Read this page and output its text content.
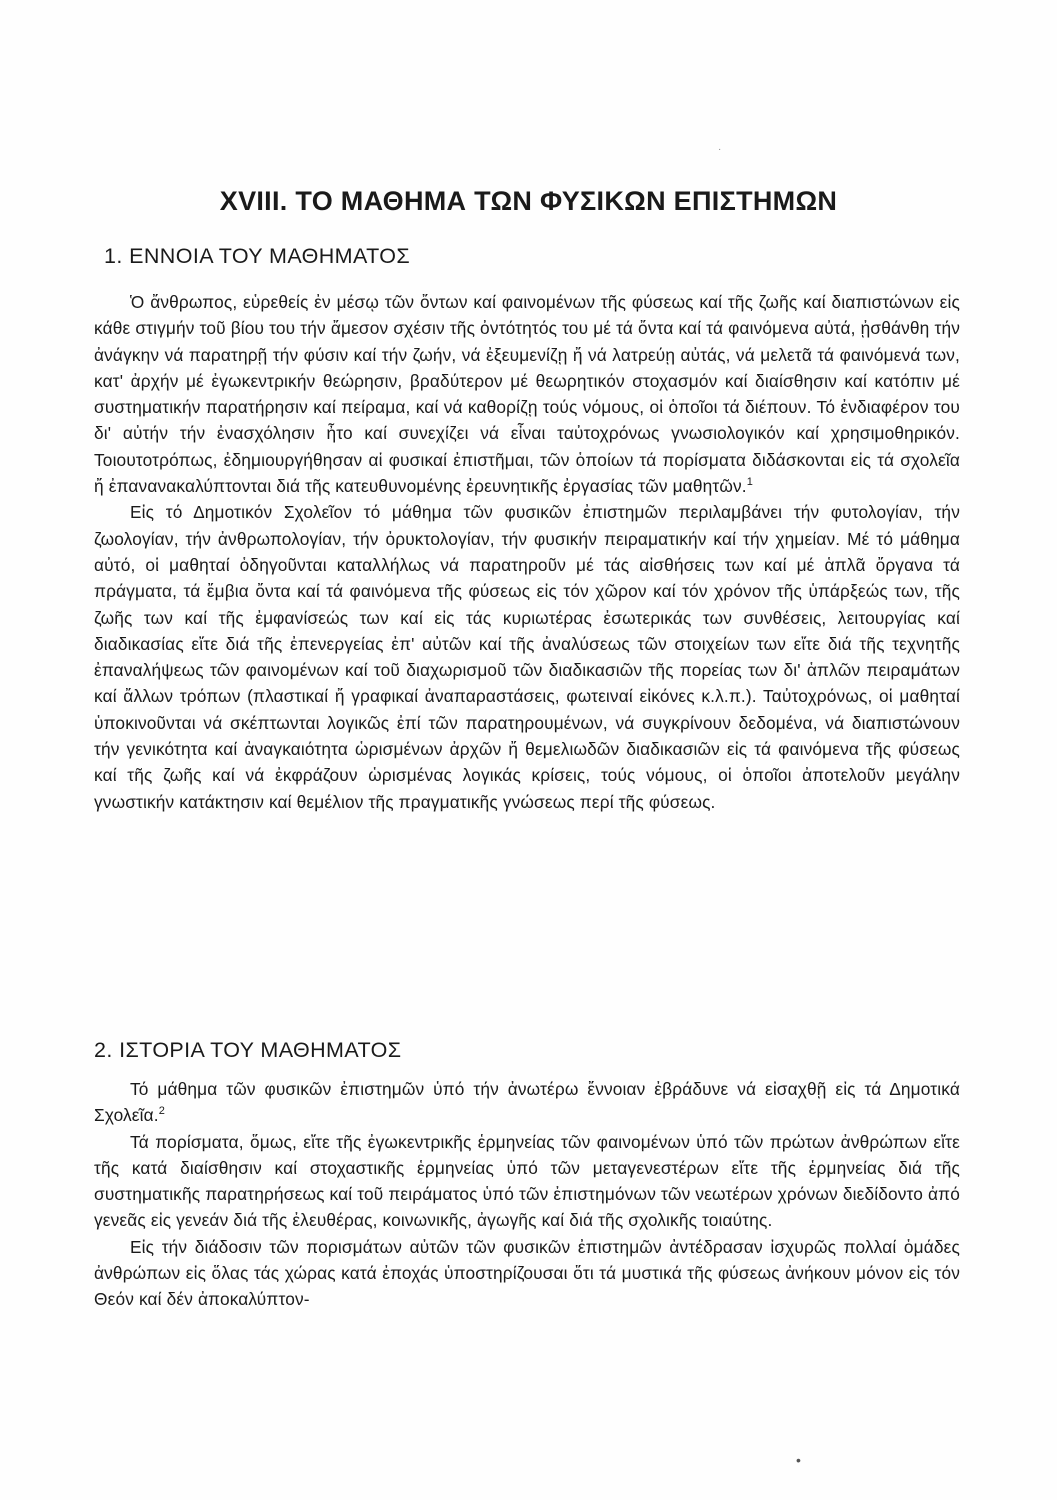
·
XVIII. ΤΟ ΜΑΘΗΜΑ ΤΩΝ ΦΥΣΙΚΩΝ ΕΠΙΣΤΗΜΩΝ
1. ΕΝΝΟΙΑ ΤΟΥ ΜΑΘΗΜΑΤΟΣ

Ὁ ἄνθρωπος, εὑρεθείς ἐν μέσῳ τῶν ὄντων καί φαινομένων τῆς φύσεως καί τῆς ζωῆς καί διαπιστώνων εἰς κάθε στιγμήν τοῦ βίου του τήν ἄμεσον σχέσιν τῆς ὀντότητός του μέ τά ὄντα καί τά φαινόμενα αὐτά, ᾐσθάνθη τήν ἀνάγκην νά παρατηρῇ τήν φύσιν καί τήν ζωήν, νά ἐξευμενίζῃ ἤ νά λατρεύῃ αὐτάς, νά μελετᾶ τά φαινόμενά των, κατ' ἀρχήν μέ ἐγωκεντρικήν θεώρησιν, βραδύτερον μέ θεωρητικόν στοχασμόν καί διαίσθησιν καί κατόπιν μέ συστηματικήν παρατήρησιν καί πείραμα, καί νά καθορίζῃ τούς νόμους, οἱ ὁποῖοι τά διέπουν. Τό ἐνδιαφέρον του δι' αὐτήν τήν ἐνασχόλησιν ἦτο καί συνεχίζει νά εἶναι ταὐτοχρόνως γνωσιολογικόν καί χρησιμοθηρικόν. Τοιουτοτρόπως, ἐδημιουργήθησαν αἱ φυσικαί ἐπιστῆμαι, τῶν ὁποίων τά πορίσματα διδάσκονται εἰς τά σχολεῖα ἤ ἐπανανακαλύπτονται διά τῆς κατευθυνομένης ἐρευνητικῆς ἐργασίας τῶν μαθητῶν.$^1$

Εἰς τό Δημοτικόν Σχολεῖον τό μάθημα τῶν φυσικῶν ἐπιστημῶν περιλαμβάνει τήν φυτολογίαν, τήν ζωολογίαν, τήν ἀνθρωπολογίαν, τήν ὀρυκτολογίαν, τήν φυσικήν πειραματικήν καί τήν χημείαν. Μέ τό μάθημα αὐτό, οἱ μαθηταί ὁδηγοῦνται καταλλήλως νά παρατηροῦν μέ τάς αἰσθήσεις των καί μέ ἁπλᾶ ὄργανα τά πράγματα, τά ἔμβια ὄντα καί τά φαινόμενα τῆς φύσεως εἰς τόν χῶρον καί τόν χρόνον τῆς ὑπάρξεώς των, τῆς ζωῆς των καί τῆς ἐμφανίσεώς των καί εἰς τάς κυριωτέρας ἐσωτερικάς των συνθέσεις, λειτουργίας καί διαδικασίας εἴτε διά τῆς ἐπενεργείας ἐπ' αὐτῶν καί τῆς ἀναλύσεως τῶν στοιχείων των εἴτε διά τῆς τεχνητῆς ἐπαναλήψεως τῶν φαινομένων καί τοῦ διαχωρισμοῦ τῶν διαδικασιῶν τῆς πορείας των δι' ἁπλῶν πειραμάτων καί ἄλλων τρόπων (πλαστικαί ἤ γραφικαί ἀναπαραστάσεις, φωτειναί εἰκόνες κ.λ.π.). Ταὐτοχρόνως, οἱ μαθηταί ὑποκινοῦνται νά σκέπτωνται λογικῶς ἐπί τῶν παρατηρουμένων, νά συγκρίνουν δεδομένα, νά διαπιστώνουν τήν γενικότητα καί ἀναγκαιότητα ὡρισμένων ἀρχῶν ἤ θεμελιωδῶν διαδικασιῶν εἰς τά φαινόμενα τῆς φύσεως καί τῆς ζωῆς καί νά ἐκφράζουν ὡρισμένας λογικάς κρίσεις, τούς νόμους, οἱ ὁποῖοι ἀποτελοῦν μεγάλην γνωστικήν κατάκτησιν καί θεμέλιον τῆς πραγματικῆς γνώσεως περί τῆς φύσεως.

2. ΙΣΤΟΡΙΑ ΤΟΥ ΜΑΘΗΜΑΤΟΣ

Τό μάθημα τῶν φυσικῶν ἐπιστημῶν ὑπό τήν ἀνωτέρω ἔννοιαν ἐβράδυνε νά εἰσαχθῇ εἰς τά Δημοτικά Σχολεῖα.$^2$

Τά πορίσματα, ὅμως, εἴτε τῆς ἐγωκεντρικῆς ἑρμηνείας τῶν φαινομένων ὑπό τῶν πρώτων ἀνθρώπων εἴτε τῆς κατά διαίσθησιν καί στοχαστικῆς ἑρμηνείας ὑπό τῶν μεταγενεστέρων εἴτε τῆς ἑρμηνείας διά τῆς συστηματικῆς παρατηρήσεως καί τοῦ πειράματος ὑπό τῶν ἐπιστημόνων τῶν νεωτέρων χρόνων διεδίδοντο ἀπό γενεᾶς εἰς γενεάν διά τῆς ἐλευθέρας, κοινωνικῆς, ἀγωγῆς καί διά τῆς σχολικῆς τοιαύτης.

Εἰς τήν διάδοσιν τῶν πορισμάτων αὐτῶν τῶν φυσικῶν ἐπιστημῶν ἀντέδρασαν ἰσχυρῶς πολλαί ὁμάδες ἀνθρώπων εἰς ὅλας τάς χώρας κατά ἐποχάς ὑποστηρίζουσαι ὅτι τά μυστικά τῆς φύσεως ἀνήκουν μόνον εἰς τόν Θεόν καί δέν ἀποκαλύπτον-

•
